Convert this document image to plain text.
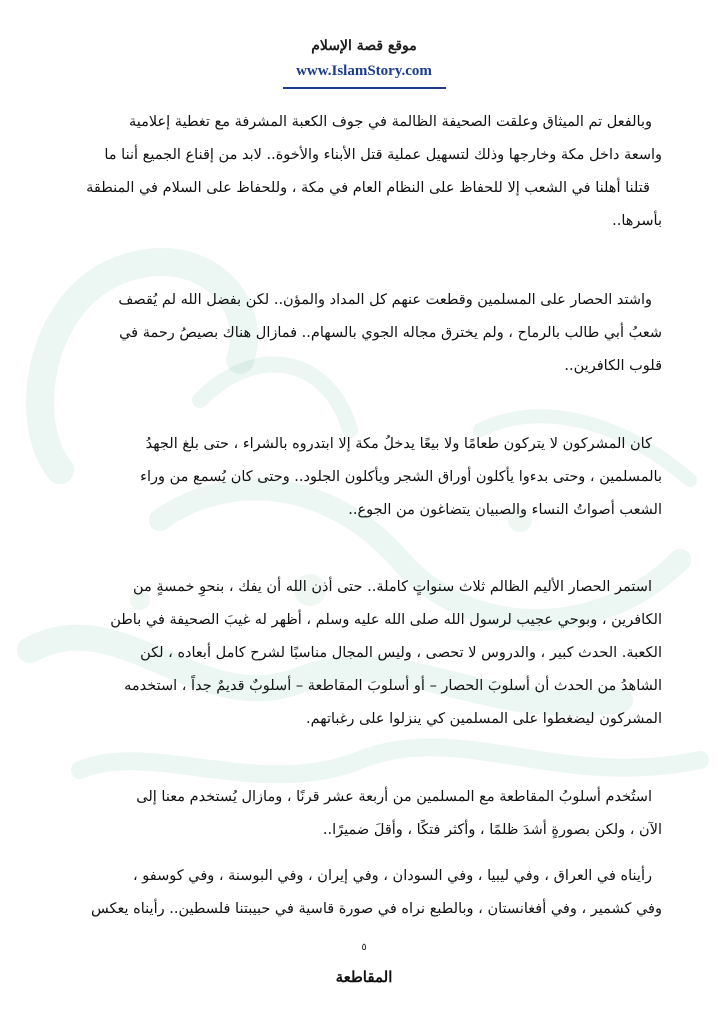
موقع قصة الإسلام
www.IslamStory.com
وبالفعل تم الميثاق وعلقت الصحيفة الظالمة في جوف الكعبة المشرفة مع تغطية إعلامية
واسعة داخل مكة وخارجها وذلك لتسهيل عملية قتل الأبناء والأخوة.. لابد من إقناع الجميع أننا ما
قتلنا أهلنا في الشعب إلا للحفاظ على النظام العام في مكة ، وللحفاظ على السلام في المنطقة
بأسرها..
واشتد الحصار على المسلمين وقطعت عنهم كل المداد والمؤن.. لكن بفضل الله لم يُقصف
شعبُ أبي طالب بالرماح ، ولم يخترق مجاله الجوي بالسهام.. فمازال هناك بصيصُ رحمة في
قلوب الكافرين..
كان المشركون لا يتركون طعامًا ولا بيعًا يدخلُ مكة إلا ابتدروه بالشراء ، حتى بلغ الجهدُ
بالمسلمين ، وحتى بدءوا يأكلون أوراق الشجر ويأكلون الجلود.. وحتى كان يُسمع من وراء
الشعب أصواتُ النساء والصبيان يتضاغون من الجوع..
استمر الحصار الأليم الظالم ثلاث سنواتٍ كاملة.. حتى أذن الله أن يفك ، بنحوِ خمسةٍ من
الكافرين ، وبوحي عجيب لرسول الله صلى الله عليه وسلم ، أظهر له غيبَ الصحيفة في باطن
الكعبة. الحدث كبير ، والدروس لا تحصى ، وليس المجال مناسبًا لشرح كامل أبعاده ، لكن
الشاهدُ من الحدث أن أسلوبَ الحصار – أو أسلوبَ المقاطعة – أسلوبٌ قديمٌ جداً ، استخدمه
المشركون ليضغطوا على المسلمين كي ينزلوا على رغباتهم.
استُخدم أسلوبُ المقاطعة مع المسلمين من أربعة عشر قرنًا ، ومازال يُستخدم معنا إلى
الآن ، ولكن بصورةٍ أشدَ ظلمًا ، وأكثر فتكًا ، وأقلَ ضميرًا..
رأيناه في العراق ، وفي ليبيا ، وفي السودان ، وفي إيران ، وفي البوسنة ، وفي كوسفو ،
وفي كشمير ، وفي أفغانستان ، وبالطبع نراه في صورة قاسية في حبيبتنا فلسطين.. رأيناه يعكس
٥
المقاطعة
